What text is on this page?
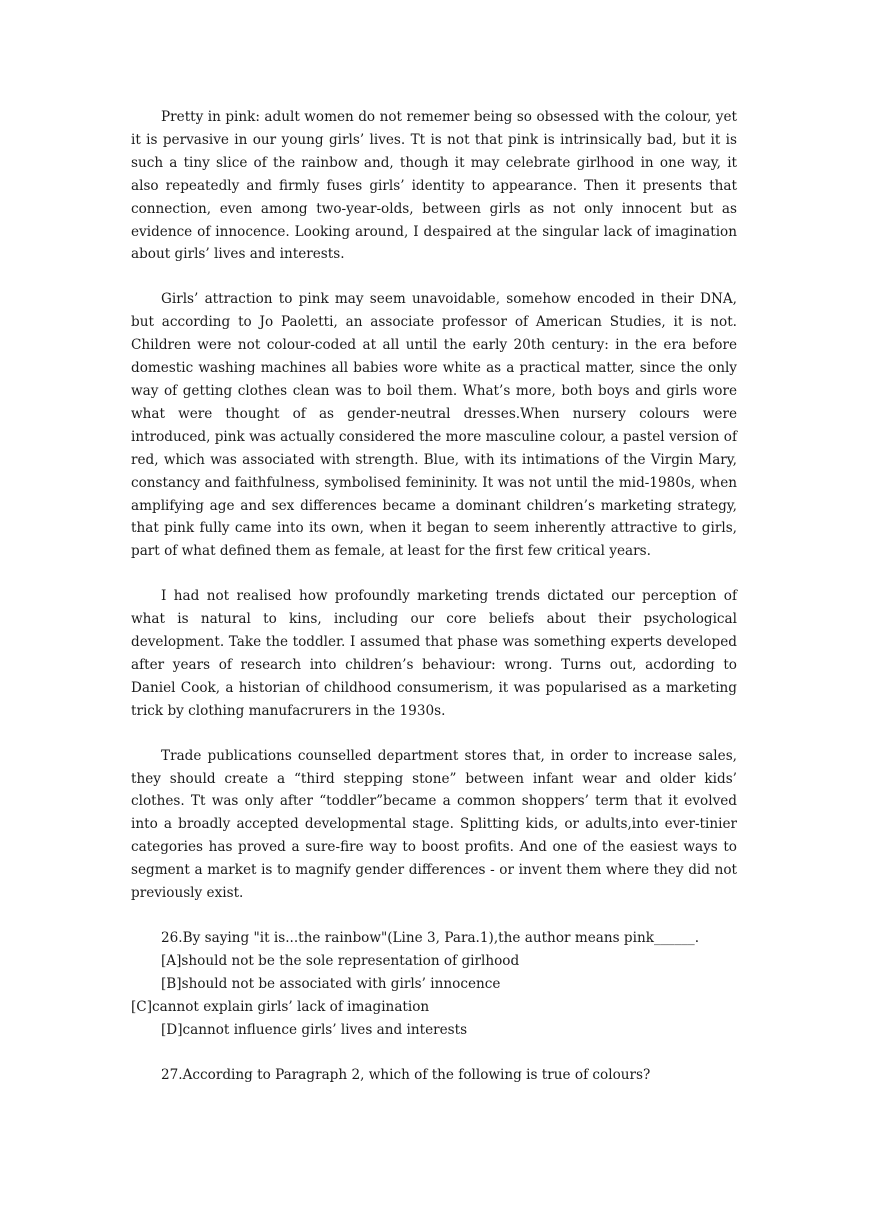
Pretty in pink: adult women do not rememer being so obsessed with the colour, yet it is pervasive in our young girls’ lives. Tt is not that pink is intrinsically bad, but it is such a tiny slice of the rainbow and, though it may celebrate girlhood in one way, it also repeatedly and firmly fuses girls’ identity to appearance. Then it presents that connection, even among two-year-olds, between girls as not only innocent but as evidence of innocence. Looking around, I despaired at the singular lack of imagination about girls’ lives and interests.

Girls’ attraction to pink may seem unavoidable, somehow encoded in their DNA, but according to Jo Paoletti, an associate professor of American Studies, it is not. Children were not colour-coded at all until the early 20th century: in the era before domestic washing machines all babies wore white as a practical matter, since the only way of getting clothes clean was to boil them. What’s more, both boys and girls wore what were thought of as gender-neutral dresses.When nursery colours were introduced, pink was actually considered the more masculine colour, a pastel version of red, which was associated with strength. Blue, with its intimations of the Virgin Mary, constancy and faithfulness, symbolised femininity. It was not until the mid-1980s, when amplifying age and sex differences became a dominant children’s marketing strategy, that pink fully came into its own, when it began to seem inherently attractive to girls, part of what defined them as female, at least for the first few critical years.

I had not realised how profoundly marketing trends dictated our perception of what is natural to kins, including our core beliefs about their psychological development. Take the toddler. I assumed that phase was something experts developed after years of research into children’s behaviour: wrong. Turns out, acdording to Daniel Cook, a historian of childhood consumerism, it was popularised as a marketing trick by clothing manufacrurers in the 1930s.

Trade publications counselled department stores that, in order to increase sales, they should create a “third stepping stone” between infant wear and older kids’ clothes. Tt was only after “toddler”became a common shoppers’ term that it evolved into a broadly accepted developmental stage. Splitting kids, or adults,into ever-tinier categories has proved a sure-fire way to boost profits. And one of the easiest ways to segment a market is to magnify gender differences - or invent them where they did not previously exist.

26.By saying "it is...the rainbow"(Line 3, Para.1),the author means pink______.
[A]should not be the sole representation of girlhood
[B]should not be associated with girls’ innocence
[C]cannot explain girls’ lack of imagination
[D]cannot influence girls’ lives and interests
27.According to Paragraph 2, which of the following is true of colours?
